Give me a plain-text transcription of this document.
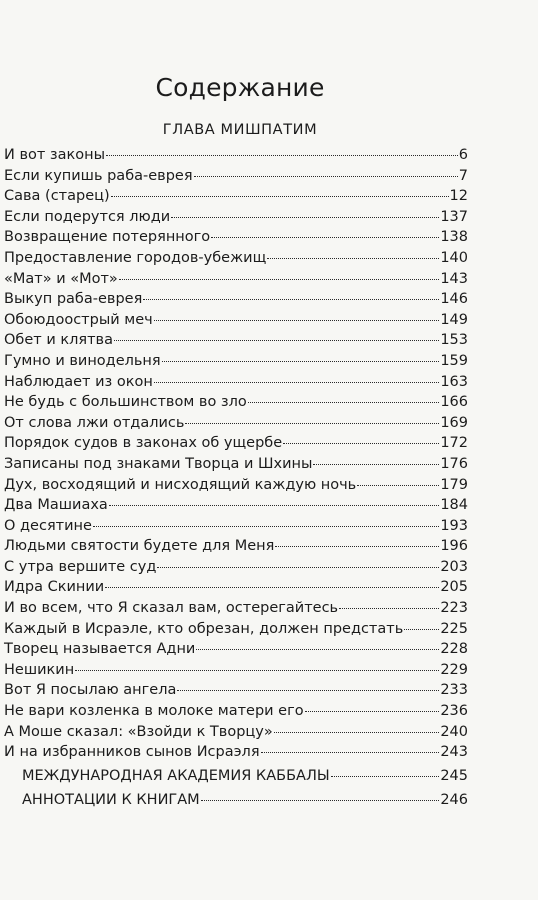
Содержание
ГЛАВА МИШПАТИМ
И вот законы	6
Если купишь раба-еврея	7
Сава (старец)	12
Если подерутся люди	137
Возвращение потерянного	138
Предоставление городов-убежищ	140
«Мат» и «Мот»	143
Выкуп раба-еврея	146
Обоюдоострый меч	149
Обет и клятва	153
Гумно и винодельня	159
Наблюдает из окон	163
Не будь с большинством во зло	166
От слова лжи отдались	169
Порядок судов в законах об ущербе	172
Записаны под знаками Творца и Шхины	176
Дух, восходящий и нисходящий каждую ночь	179
Два Машиаха	184
О десятине	193
Людьми святости будете для Меня	196
С утра вершите суд	203
Идра Скинии	205
И во всем, что Я сказал вам, остерегайтесь	223
Каждый в Исраэле, кто обрезан, должен предстать	225
Творец называется Адни	228
Нешикин	229
Вот Я посылаю ангела	233
Не вари козленка в молоке матери его	236
А Моше сказал: «Взойди к Творцу»	240
И на избранников сынов Исраэля	243
МЕЖДУНАРОДНАЯ АКАДЕМИЯ КАББАЛЫ	245
АННОТАЦИИ К КНИГАМ	246
